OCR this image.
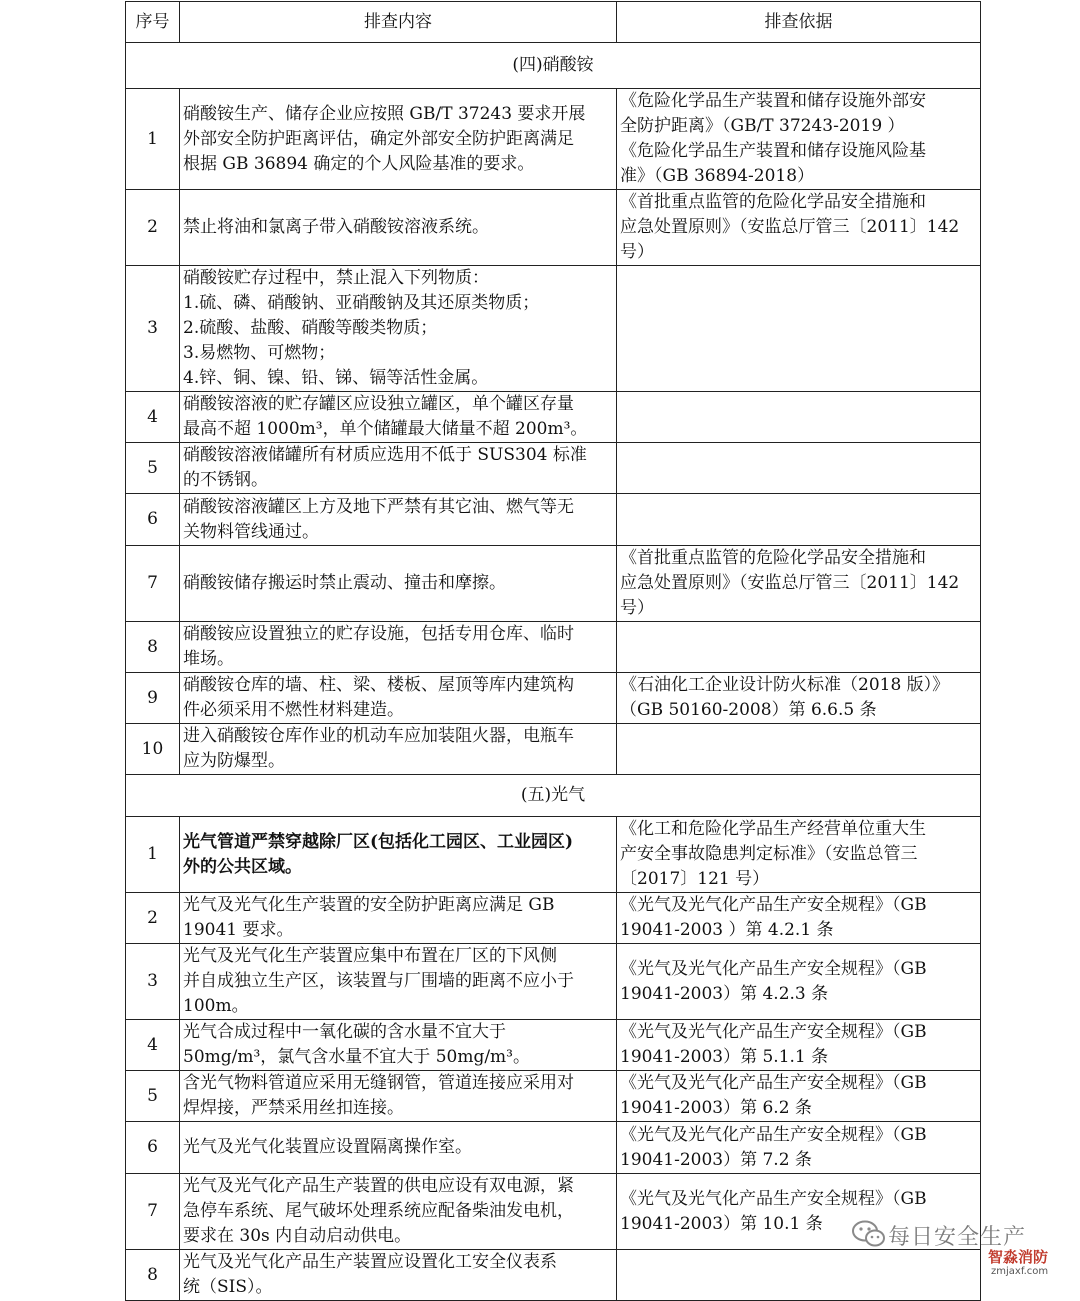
序号	排查内容	排查依据
(四)硝酸铵		
1	硝酸铵生产、储存企业应按照 GB/T 37243 要求开展
外部安全防护距离评估，确定外部安全防护距离满足
根据 GB 36894 确定的个人风险基准的要求。	《危险化学品生产装置和储存设施外部安
全防护距离》（GB/T 37243-2019 ）
《危险化学品生产装置和储存设施风险基
准》（GB 36894-2018）

2	禁止将油和氯离子带入硝酸铵溶液系统。	《首批重点监管的危险化学品安全措施和
应急处置原则》（安监总厅管三〔2011〕142
号）

3	硝酸铵贮存过程中，禁止混入下列物质：
1.硫、磷、硝酸钠、亚硝酸钠及其还原类物质；
2.硫酸、盐酸、硝酸等酸类物质；
3.易燃物、可燃物；
4.锌、铜、镍、铅、锑、镉等活性金属。	

4	硝酸铵溶液的贮存罐区应设独立罐区，单个罐区存量
最高不超 1000m³，单个储罐最大储量不超 200m³。	

5	硝酸铵溶液储罐所有材质应选用不低于 SUS304 标准
的不锈钢。	

6	硝酸铵溶液罐区上方及地下严禁有其它油、燃气等无
关物料管线通过。	

7	硝酸铵储存搬运时禁止震动、撞击和摩擦。	《首批重点监管的危险化学品安全措施和
应急处置原则》（安监总厅管三〔2011〕142
号）

8	硝酸铵应设置独立的贮存设施，包括专用仓库、临时
堆场。	

9	硝酸铵仓库的墙、柱、梁、楼板、屋顶等库内建筑构
件必须采用不燃性材料建造。	《石油化工企业设计防火标准（2018 版）》
（GB 50160-2008）第 6.6.5 条

10	进入硝酸铵仓库作业的机动车应加装阻火器，电瓶车
应为防爆型。	

(五)光气		
1	光气管道严禁穿越除厂区(包括化工园区、工业园区)
外的公共区域。	《化工和危险化学品生产经营单位重大生
产安全事故隐患判定标准》（安监总管三
〔2017〕121 号）

2	光气及光气化生产装置的安全防护距离应满足 GB
19041 要求。	《光气及光气化产品生产安全规程》（GB
19041-2003 ）第 4.2.1 条

3	光气及光气化生产装置应集中布置在厂区的下风侧
并自成独立生产区，该装置与厂围墙的距离不应小于
100m。	《光气及光气化产品生产安全规程》（GB
19041-2003）第 4.2.3 条

4	光气合成过程中一氧化碳的含水量不宜大于
50mg/m³，氯气含水量不宜大于 50mg/m³。	《光气及光气化产品生产安全规程》（GB
19041-2003）第 5.1.1 条

5	含光气物料管道应采用无缝钢管，管道连接应采用对
焊焊接，严禁采用丝扣连接。	《光气及光气化产品生产安全规程》（GB
19041-2003）第 6.2 条

6	光气及光气化装置应设置隔离操作室。	《光气及光气化产品生产安全规程》（GB
19041-2003）第 7.2 条

7	光气及光气化产品生产装置的供电应设有双电源，紧
急停车系统、尾气破坏处理系统应配备柴油发电机，
要求在 30s 内自动启动供电。	《光气及光气化产品生产安全规程》（GB
19041-2003）第 10.1 条

8	光气及光气化产品生产装置应设置化工安全仪表系
统（SIS）。	

每日安全生产
智淼消防
zmjaxf.com
